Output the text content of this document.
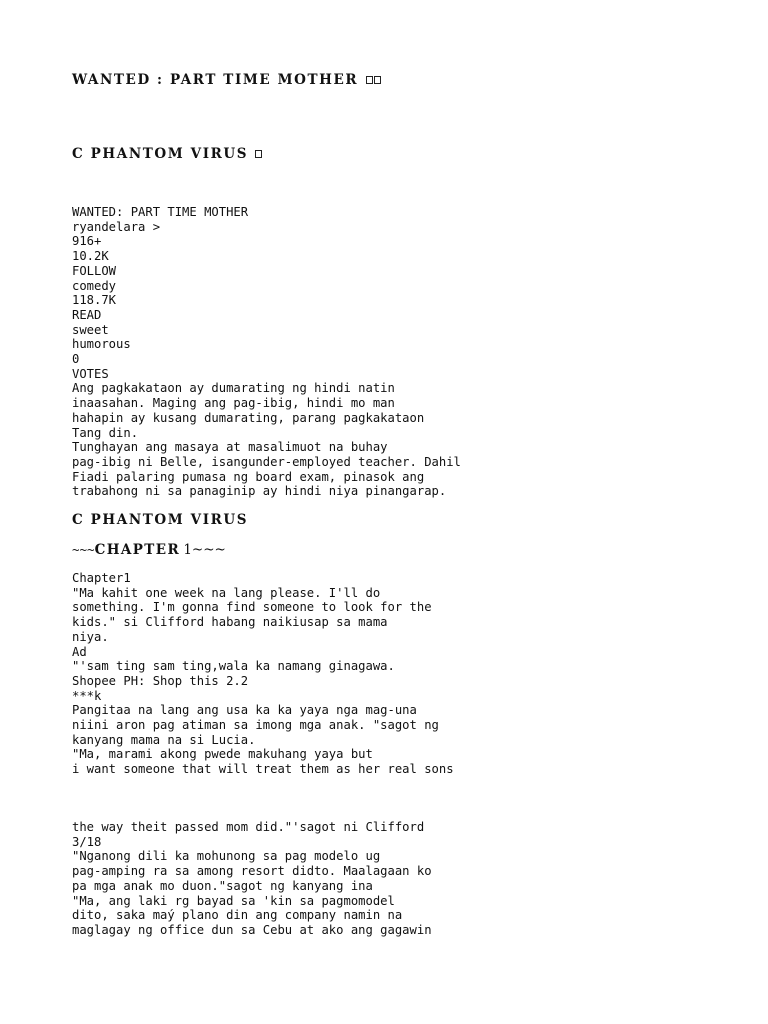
WANTED : PART TIME MOTHER
C PHANTOM VIRUS
WANTED: PART TIME MOTHER
ryandelara >
916+
10.2K
FOLLOW
comedy
118.7K
READ
sweet
humorous
0
VOTES
Ang pagkakataon ay dumarating ng hindi natin
inaasahan. Maging ang pag-ibig, hindi mo man
hahapin ay kusang dumarating, parang pagkakataon
Tang din.
Tunghayan ang masaya at masalimuot na buhay
pag-ibig ni Belle, isangunder-employed teacher. Dahil
Fiadi palaring pumasa ng board exam, pinasok ang
trabahong ni sa panaginip ay hindi niya pinangarap.
C PHANTOM VIRUS
~~~CHAPTER 1~~~
Chapter1
"Ma kahit one week na lang please. I'll do
something. I'm gonna find someone to look for the
kids." si Clifford habang naikiusap sa mama
niya.
Ad
"'sam ting sam ting,wala ka namang ginagawa.
Shopee PH: Shop this 2.2
***k
Pangitaa na lang ang usa ka ka yaya nga mag-una
niini aron pag atiman sa imong mga anak. "sagot ng
kanyang mama na si Lucia.
"Ma, marami akong pwede makuhang yaya but
i want someone that will treat them as her real sons
the way theit passed mom did."'sagot ni Clifford
3/18
"Nganong dili ka mohunong sa pag modelo ug
pag-amping ra sa among resort didto. Maalagaan ko
pa mga anak mo duon."sagot ng kanyang ina
"Ma, ang laki rg bayad sa 'kin sa pagmomodel
dito, saka maý plano din ang company namin na
maglagay ng office dun sa Cebu at ako ang gagawin
